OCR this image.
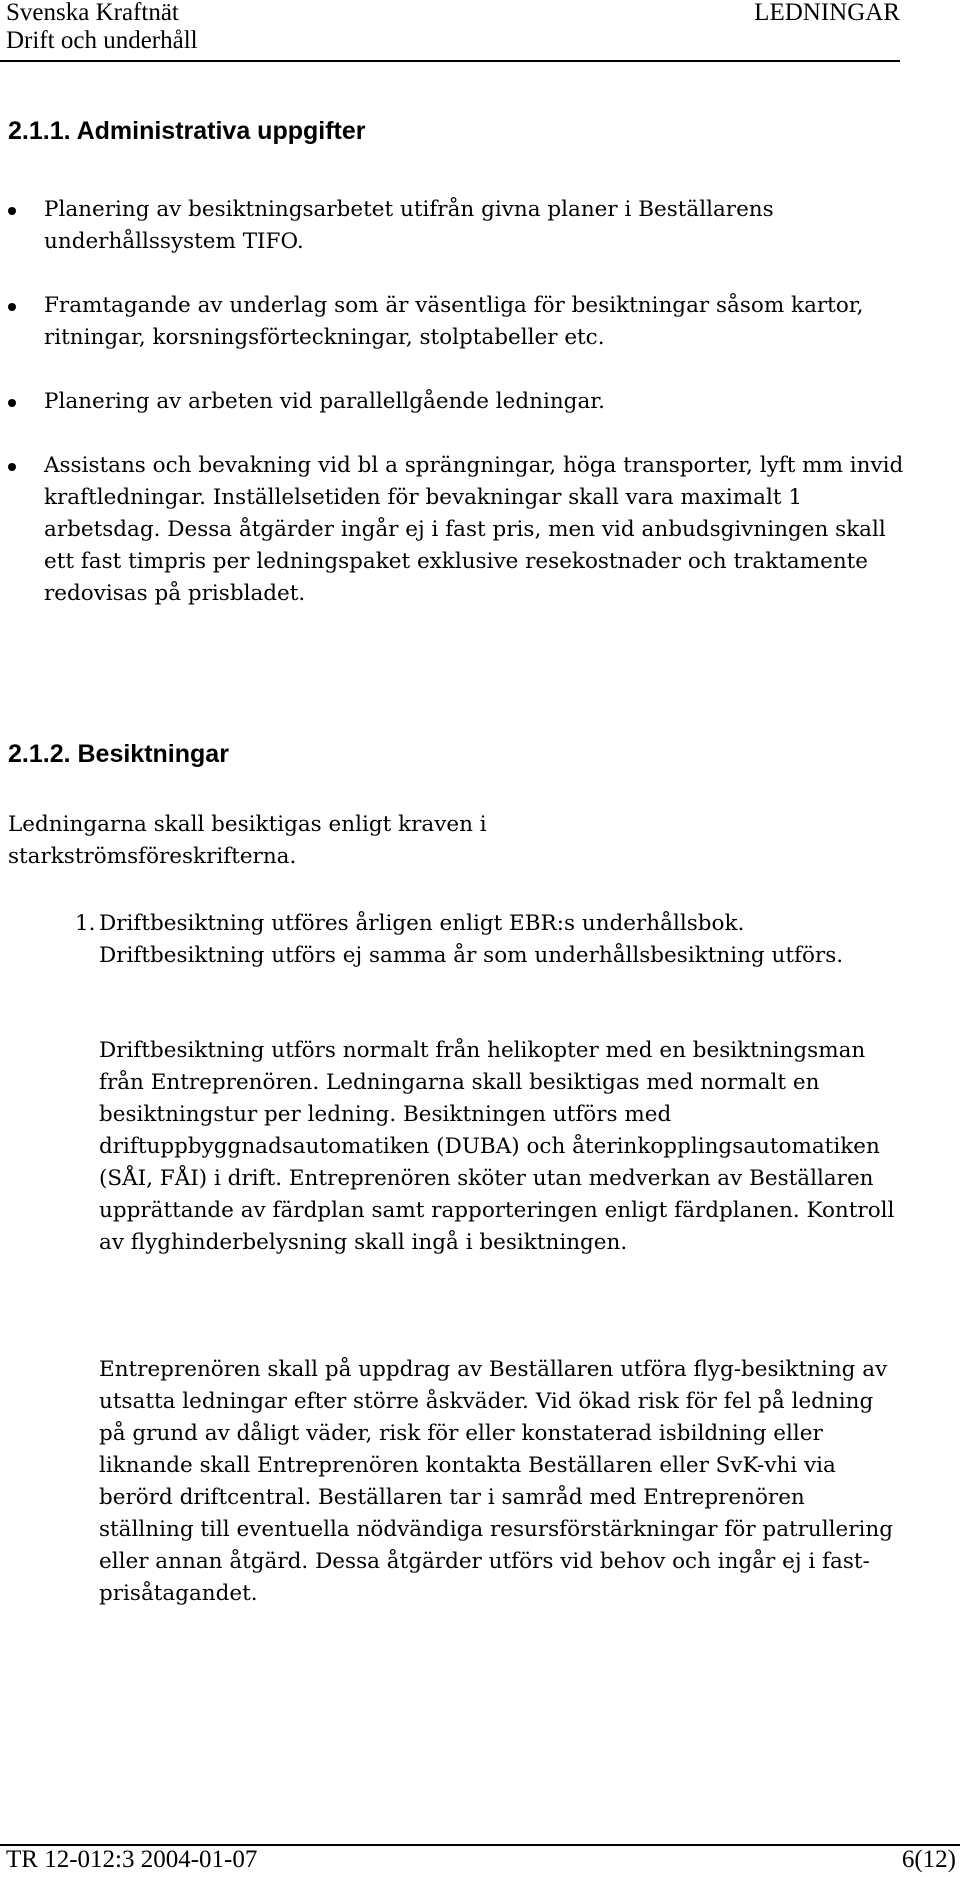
Svenska Kraftnät	LEDNINGAR
Drift och underhåll
2.1.1. Administrativa uppgifter
Planering av besiktningsarbetet utifrån givna planer i Beställarens underhållssystem TIFO.
Framtagande av underlag som är väsentliga för besiktningar såsom kartor, ritningar, korsningsförteckningar, stolptabeller etc.
Planering av arbeten vid parallellgående ledningar.
Assistans och bevakning vid bl a sprängningar, höga transporter, lyft mm invid kraftledningar. Inställelsetiden för bevakningar skall vara maximalt 1 arbetsdag. Dessa åtgärder ingår ej i fast pris, men vid anbudsgivningen skall ett fast timpris per ledningspaket exklusive resekostnader och traktamente redovisas på prisbladet.
2.1.2. Besiktningar

Ledningarna skall besiktigas enligt kraven i starkströmsföreskrifterna.

1. Driftbesiktning utföres årligen enligt EBR:s underhållsbok. Driftbesiktning utförs ej samma år som underhållsbesiktning utförs.

Driftbesiktning utförs normalt från helikopter med en besiktningsman från Entreprenören. Ledningarna skall besiktigas med normalt en besiktningstur per ledning. Besiktningen utförs med driftuppbyggnadsautomatiken (DUBA) och återinkopplingsautomatiken (SÅI, FÅI) i drift. Entreprenören sköter utan medverkan av Beställaren upprättande av färdplan samt rapporteringen enligt färdplanen. Kontroll av flyghinderbelysning skall ingå i besiktningen.

Entreprenören skall på uppdrag av Beställaren utföra flyg-besiktning av utsatta ledningar efter större åskväder. Vid ökad risk för fel på ledning på grund av dåligt väder, risk för eller konstaterad isbildning eller liknande skall Entreprenören kontakta Beställaren eller SvK-vhi via berörd driftcentral. Beställaren tar i samråd med Entreprenören ställning till eventuella nödvändiga resursförstärkningar för patrullering eller annan åtgärd. Dessa åtgärder utförs vid behov och ingår ej i fast-prisåtagandet.

TR 12-012:3 2004-01-07	6(12)
